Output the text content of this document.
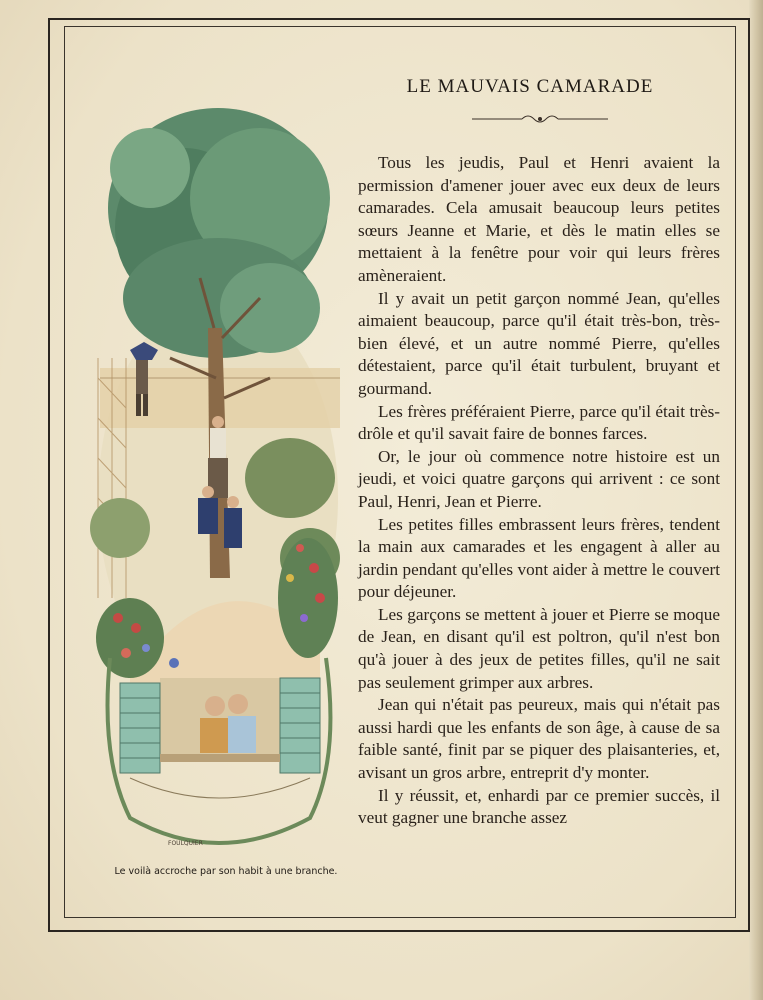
LE MAUVAIS CAMARADE

Tous les jeudis, Paul et Henri avaient la permission d'amener jouer avec eux deux de leurs camarades. Cela amusait beaucoup leurs petites sœurs Jeanne et Marie, et dès le matin elles se mettaient à la fenêtre pour voir qui leurs frères amèneraient.

Il y avait un petit garçon nommé Jean, qu'elles aimaient beaucoup, parce qu'il était très-bon, très-bien élevé, et un autre nommé Pierre, qu'elles détestaient, parce qu'il était turbulent, bruyant et gourmand.

Les frères préféraient Pierre, parce qu'il était très-drôle et qu'il savait faire de bonnes farces.

Or, le jour où commence notre histoire est un jeudi, et voici quatre garçons qui arrivent : ce sont Paul, Henri, Jean et Pierre.

Les petites filles embrassent leurs frères, tendent la main aux camarades et les engagent à aller au jardin pendant qu'elles vont aider à mettre le couvert pour déjeuner.

Les garçons se mettent à jouer et Pierre se moque de Jean, en disant qu'il est poltron, qu'il n'est bon qu'à jouer à des jeux de petites filles, qu'il ne sait pas seulement grimper aux arbres.

Jean qui n'était pas peureux, mais qui n'était pas aussi hardi que les enfants de son âge, à cause de sa faible santé, finit par se piquer des plaisanteries, et, avisant un gros arbre, entreprit d'y monter.

Il y réussit, et, enhardi par ce premier succès, il veut gagner une branche assez

FOULQUIER
Le voilà accroche par son habit à une branche.
